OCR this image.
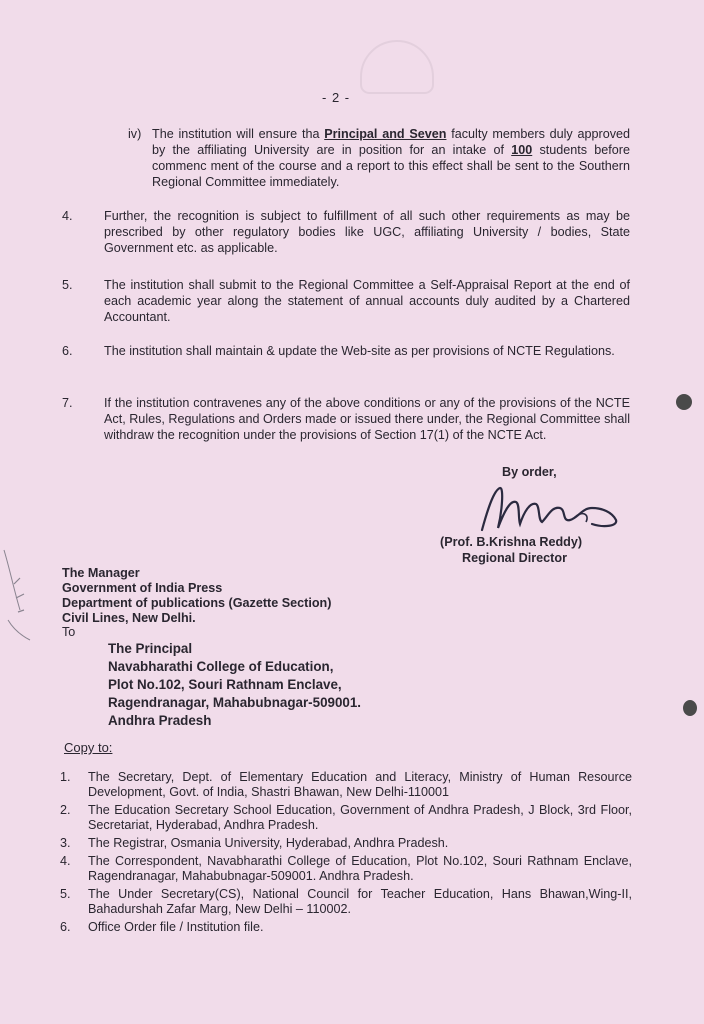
- 2 -
iv) The institution will ensure tha Principal and Seven faculty members duly approved by the affiliating University are in position for an intake of 100 students before commenc ment of the course and a report to this effect shall be sent to the Southern Regional Committee immediately.
4. Further, the recognition is subject to fulfillment of all such other requirements as may be prescribed by other regulatory bodies like UGC, affiliating University / bodies, State Government etc. as applicable.
5. The institution shall submit to the Regional Committee a Self-Appraisal Report at the end of each academic year along the statement of annual accounts duly audited by a Chartered Accountant.
6. The institution shall maintain & update the Web-site as per provisions of NCTE Regulations.
7. If the institution contravenes any of the above conditions or any of the provisions of the NCTE Act, Rules, Regulations and Orders made or issued there under, the Regional Committee shall withdraw the recognition under the provisions of Section 17(1) of the NCTE Act.
By order,
(Prof. B.Krishna Reddy)
Regional Director
The Manager
Government of India Press
Department of publications (Gazette Section)
Civil Lines, New Delhi.
To
The Principal
Navabharathi College of Education,
Plot No.102, Souri Rathnam Enclave,
Ragendranagar, Mahabubnagar-509001.
Andhra Pradesh
Copy to:
1. The Secretary, Dept. of Elementary Education and Literacy, Ministry of Human Resource Development, Govt. of India, Shastri Bhawan, New Delhi-110001
2. The Education Secretary School Education, Government of Andhra Pradesh, J Block, 3rd Floor, Secretariat, Hyderabad, Andhra Pradesh.
3. The Registrar, Osmania University, Hyderabad, Andhra Pradesh.
4. The Correspondent, Navabharathi College of Education, Plot No.102, Souri Rathnam Enclave, Ragendranagar, Mahabubnagar-509001. Andhra Pradesh.
5. The Under Secretary(CS), National Council for Teacher Education, Hans Bhawan,Wing-II, Bahadurshah Zafar Marg, New Delhi – 110002.
6. Office Order file / Institution file.
